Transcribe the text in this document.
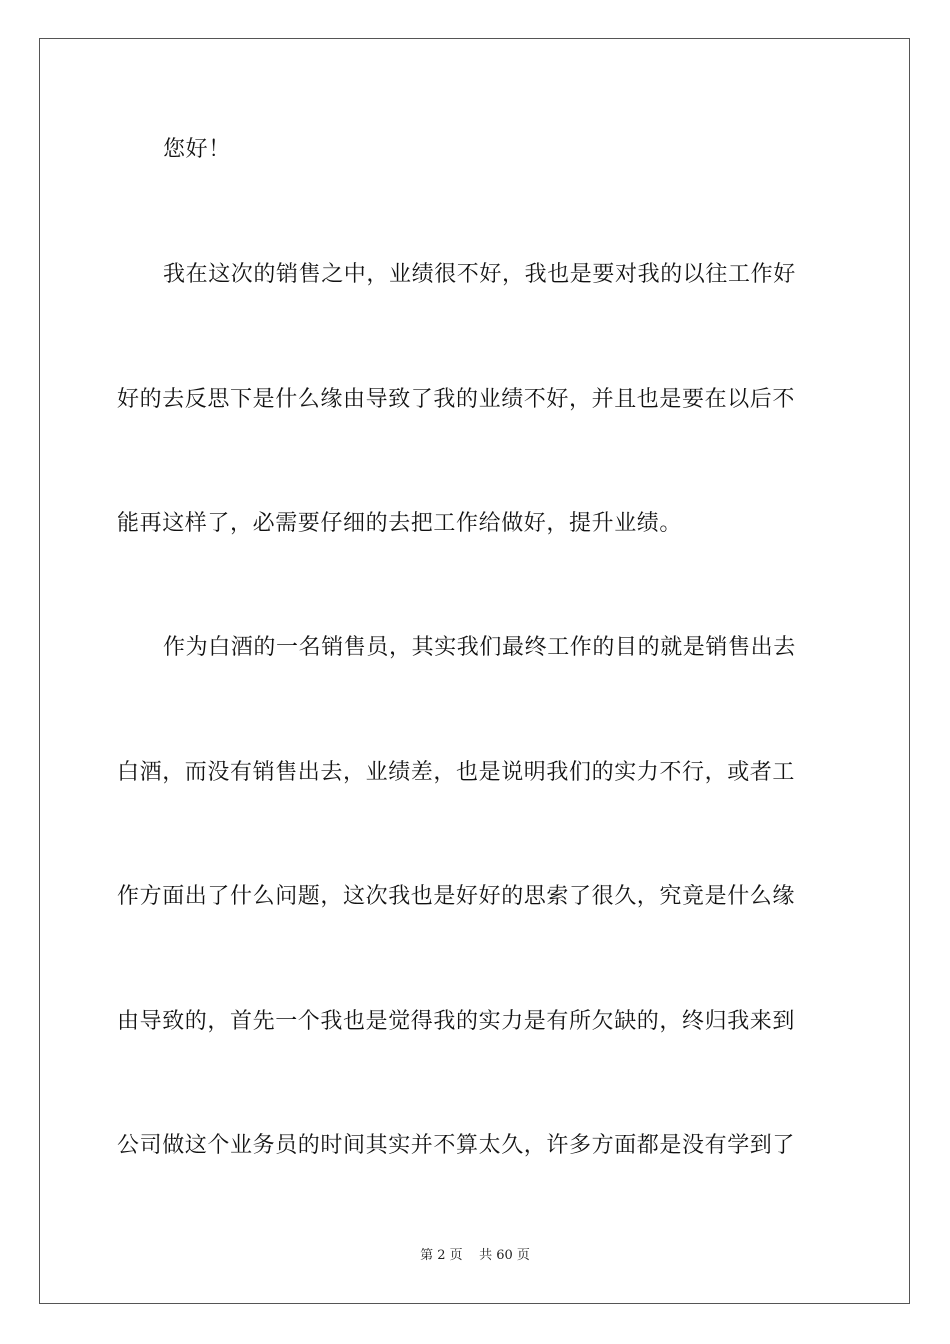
您好！
我在这次的销售之中，业绩很不好，我也是要对我的以往工作好
好的去反思下是什么缘由导致了我的业绩不好，并且也是要在以后不
能再这样了，必需要仔细的去把工作给做好，提升业绩。
作为白酒的一名销售员，其实我们最终工作的目的就是销售出去
白酒，而没有销售出去，业绩差，也是说明我们的实力不行，或者工
作方面出了什么问题，这次我也是好好的思索了很久，究竟是什么缘
由导致的，首先一个我也是觉得我的实力是有所欠缺的，终归我来到
公司做这个业务员的时间其实并不算太久，许多方面都是没有学到了
第 2 页    共 60 页
